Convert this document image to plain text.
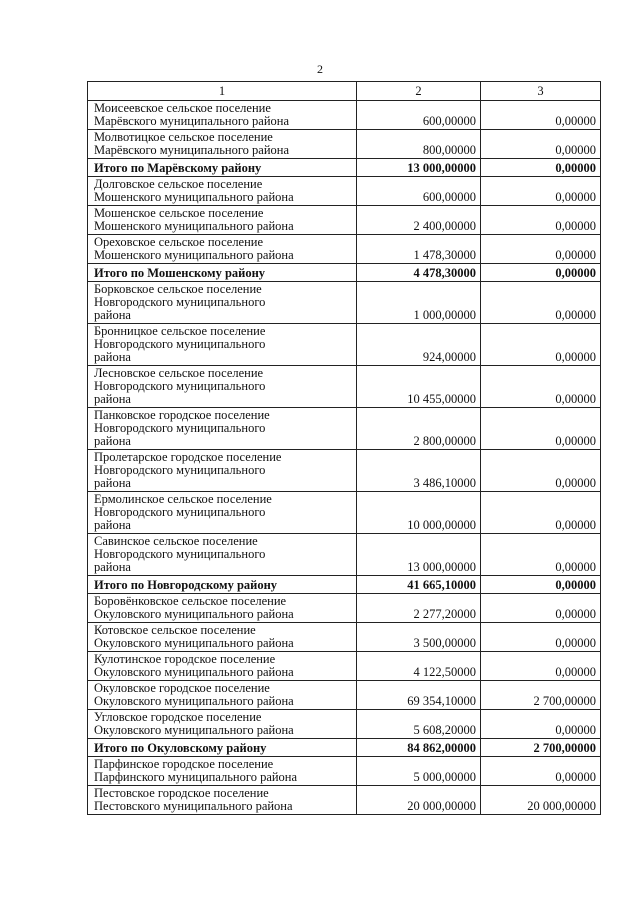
2
1	2	3
Моисеевское сельское поселение
Марёвского муниципального района	600,00000	0,00000
Молвотицкое сельское поселение
Марёвского муниципального района	800,00000	0,00000
Итого по Марёвскому району	13 000,00000	0,00000
Долговское сельское поселение
Мошенского муниципального района	600,00000	0,00000
Мошенское сельское поселение
Мошенского муниципального района	2 400,00000	0,00000
Ореховское сельское поселение
Мошенского муниципального района	1 478,30000	0,00000
Итого по Мошенскому району	4 478,30000	0,00000
Борковское сельское поселение
Новгородского муниципального
района	1 000,00000	0,00000
Бронницкое сельское поселение
Новгородского муниципального
района	924,00000	0,00000
Лесновское сельское поселение
Новгородского муниципального
района	10 455,00000	0,00000
Панковское городское поселение
Новгородского муниципального
района	2 800,00000	0,00000
Пролетарское городское поселение
Новгородского муниципального
района	3 486,10000	0,00000
Ермолинское сельское поселение
Новгородского муниципального
района	10 000,00000	0,00000
Савинское сельское поселение
Новгородского муниципального
района	13 000,00000	0,00000
Итого по Новгородскому району	41 665,10000	0,00000
Боровёнковское сельское поселение
Окуловского муниципального района	2 277,20000	0,00000
Котовское сельское поселение
Окуловского муниципального района	3 500,00000	0,00000
Кулотинское городское поселение
Окуловского муниципального района	4 122,50000	0,00000
Окуловское городское поселение
Окуловского муниципального района	69 354,10000	2 700,00000
Угловское городское поселение
Окуловского муниципального района	5 608,20000	0,00000
Итого по Окуловскому району	84 862,00000	2 700,00000
Парфинское городское поселение
Парфинского муниципального района	5 000,00000	0,00000
Пестовское городское поселение
Пестовского муниципального района	20 000,00000	20 000,00000
